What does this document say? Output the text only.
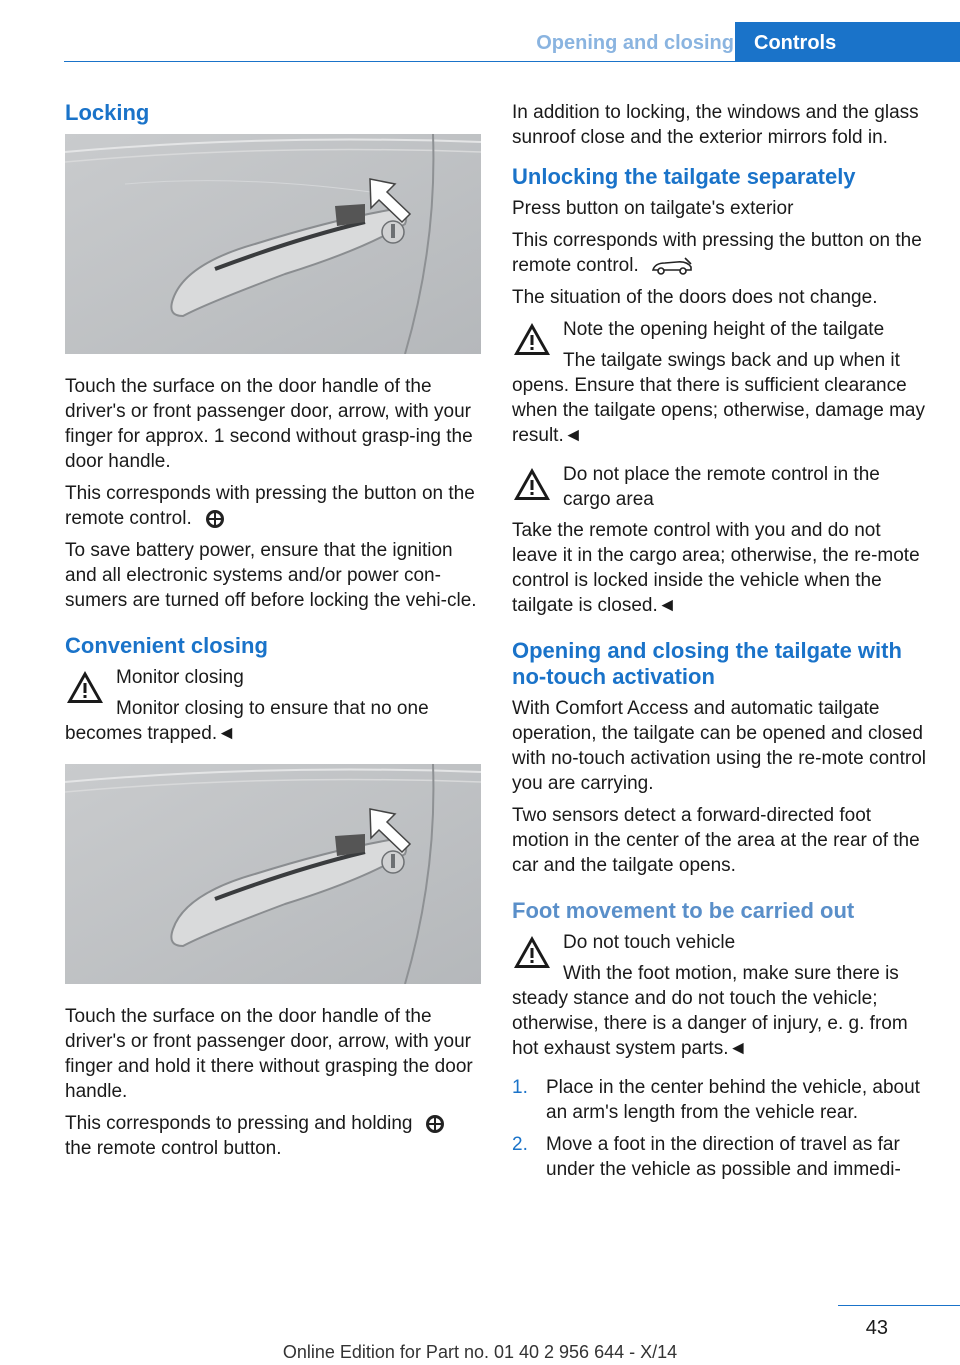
Opening and closing	Controls
Locking

Touch the surface on the door handle of the driver's or front passenger door, arrow, with your finger for approx. 1 second without grasp‐ing the door handle.

This corresponds with pressing the button on the remote control.

To save battery power, ensure that the ignition and all electronic systems and/or power con‐sumers are turned off before locking the vehi‐cle.

Convenient closing
Monitor closing
Monitor closing to ensure that no one becomes trapped.◄

Touch the surface on the door handle of the driver's or front passenger door, arrow, with your finger and hold it there without grasping the door handle.

This corresponds to pressing and holding
the remote control button.

In addition to locking, the windows and the glass sunroof close and the exterior mirrors fold in.

Unlocking the tailgate separately

Press button on tailgate's exterior

This corresponds with pressing the button on the remote control.

The situation of the doors does not change.

Note the opening height of the tailgate
The tailgate swings back and up when it opens. Ensure that there is sufficient clearance when the tailgate opens; otherwise, damage may result.◄
Do not place the remote control in the cargo area
Take the remote control with you and do not leave it in the cargo area; otherwise, the re‐mote control is locked inside the vehicle when the tailgate is closed.◄
Opening and closing the tailgate with no-touch activation

With Comfort Access and automatic tailgate operation, the tailgate can be opened and closed with no-touch activation using the re‐mote control you are carrying.

Two sensors detect a forward-directed foot motion in the center of the area at the rear of the car and the tailgate opens.

Foot movement to be carried out
Do not touch vehicle
With the foot motion, make sure there is steady stance and do not touch the vehicle; otherwise, there is a danger of injury, e. g. from hot exhaust system parts.◄
1. Place in the center behind the vehicle, about an arm's length from the vehicle rear.
2. Move a foot in the direction of travel as far under the vehicle as possible and immedi‐
43
Online Edition for Part no. 01 40 2 956 644 - X/14
